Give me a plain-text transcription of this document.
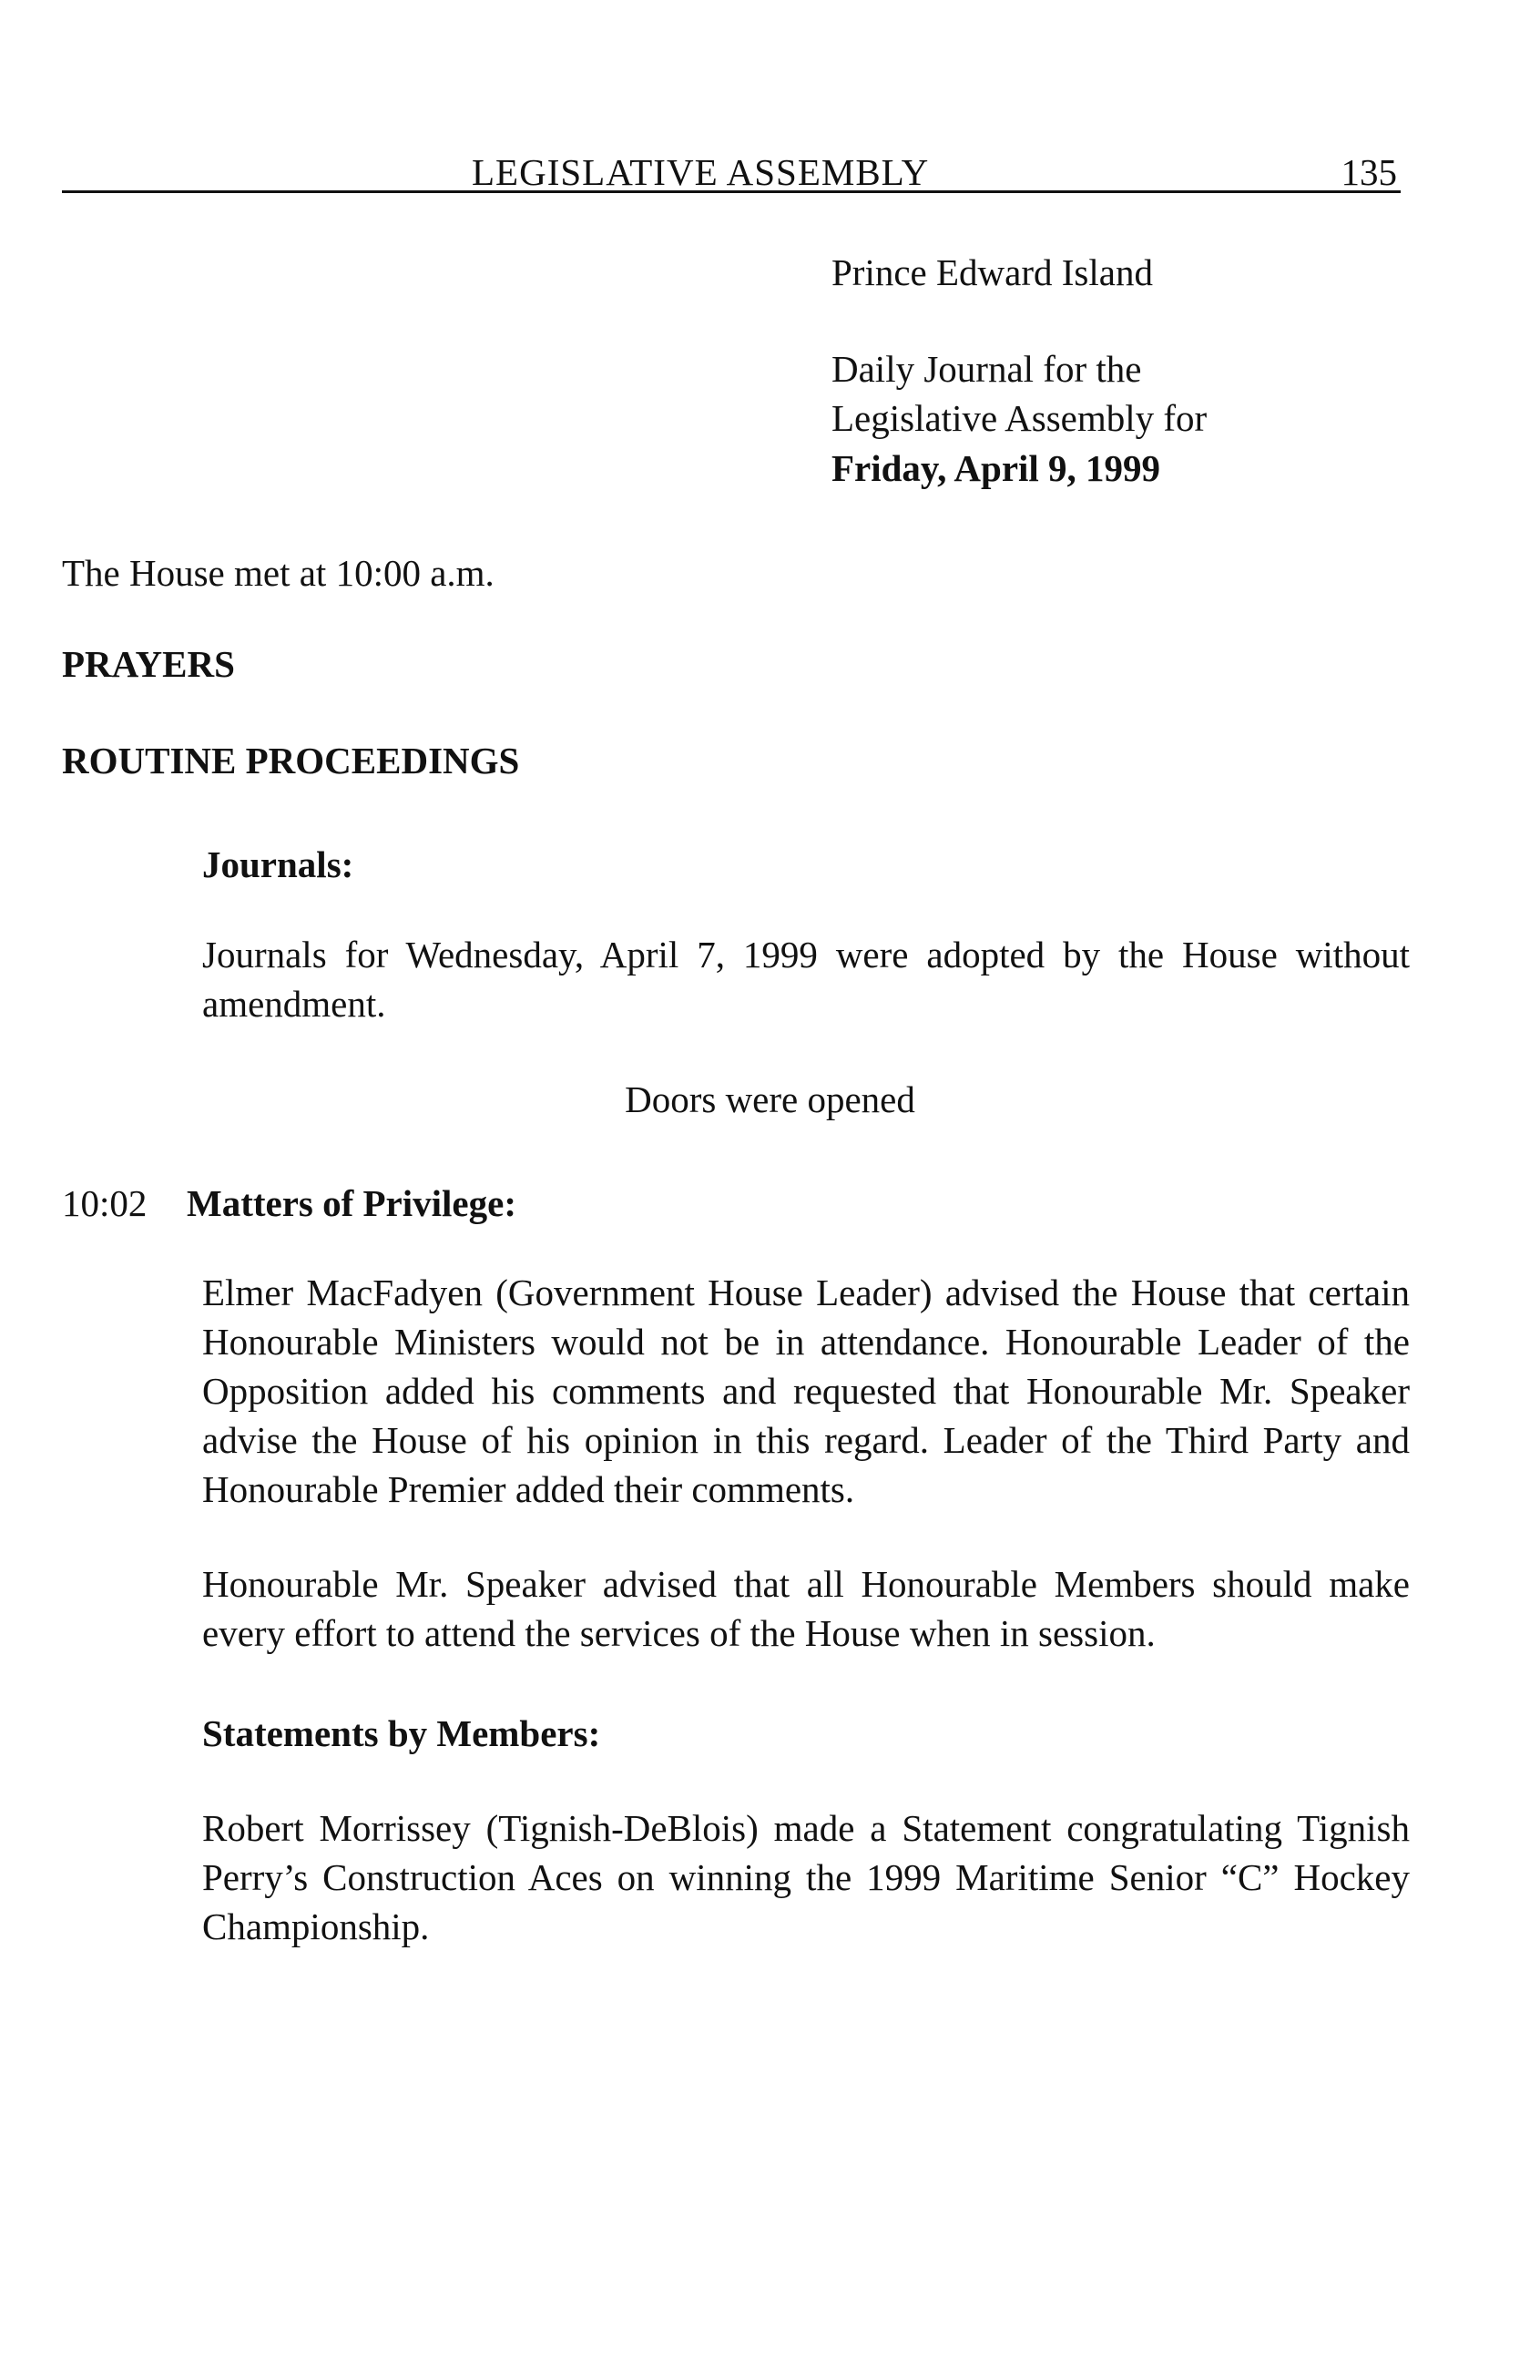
LEGISLATIVE ASSEMBLY	135
Prince Edward Island
Daily Journal for the
Legislative Assembly for
Friday, April 9, 1999
The House met at 10:00 a.m.
PRAYERS
ROUTINE PROCEEDINGS
Journals:
Journals for Wednesday, April 7, 1999 were adopted by the House without amendment.
Doors were opened
10:02 Matters of Privilege:
Elmer MacFadyen (Government House Leader) advised the House that certain Honourable Ministers would not be in attendance. Honourable Leader of the Opposition added his comments and requested that Honourable Mr. Speaker advise the House of his opinion in this regard. Leader of the Third Party and Honourable Premier added their comments.
Honourable Mr. Speaker advised that all Honourable Members should make every effort to attend the services of the House when in session.
Statements by Members:
Robert Morrissey (Tignish-DeBlois) made a Statement congratulating Tignish Perry’s Construction Aces on winning the 1999 Maritime Senior “C” Hockey Championship.
